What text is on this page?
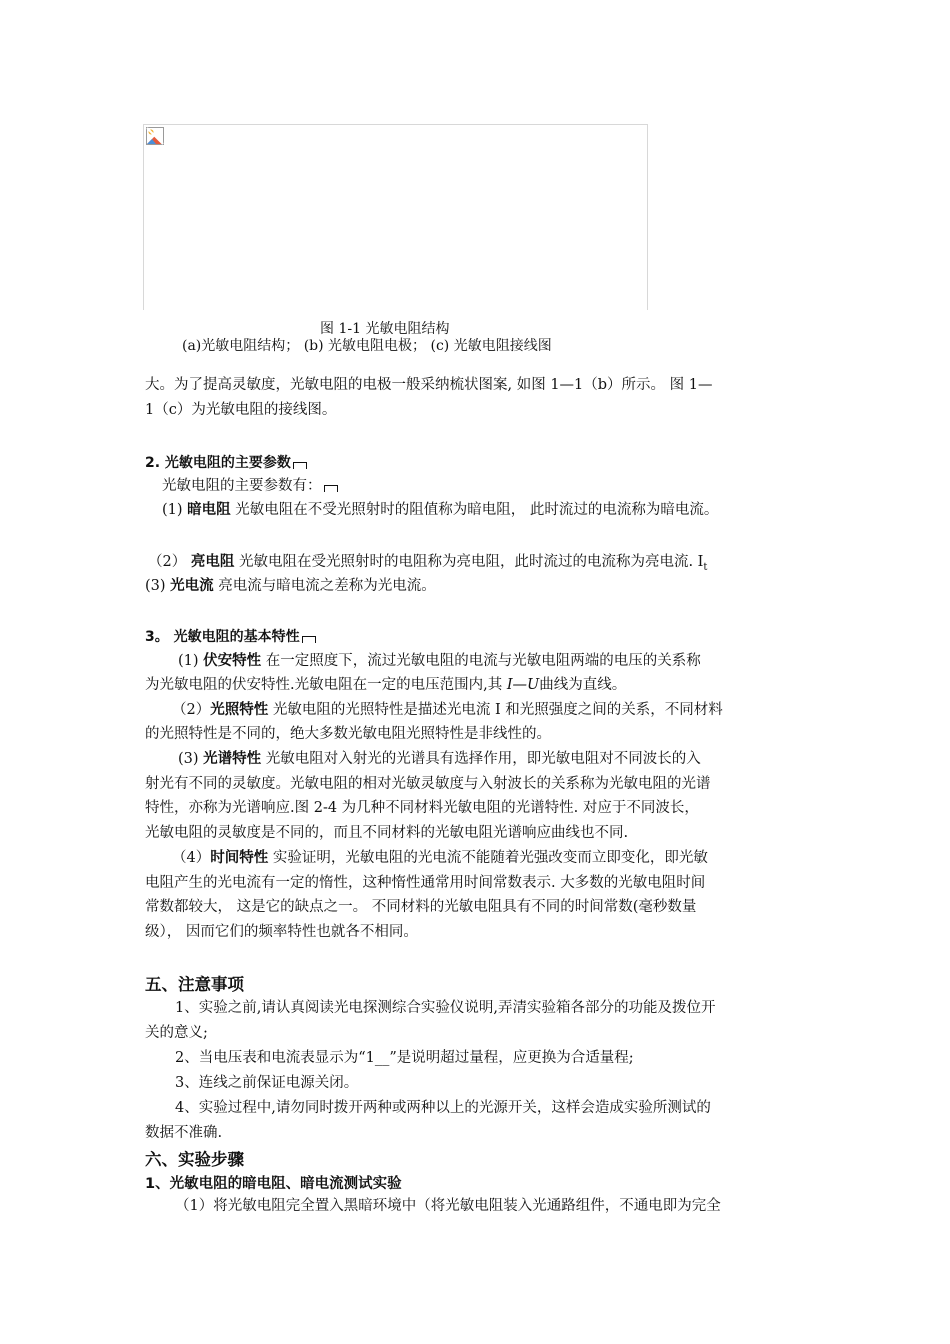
图 1-1 光敏电阻结构
(a)光敏电阻结构； (b) 光敏电阻电极； (c) 光敏电阻接线图
大。为了提高灵敏度，光敏电阻的电极一般采纳梳状图案, 如图 1—1（b）所示。 图 1—
1（c）为光敏电阻的接线图。
2. 光敏电阻的主要参数
光敏电阻的主要参数有：
(1) 暗电阻 光敏电阻在不受光照射时的阻值称为暗电阻， 此时流过的电流称为暗电流。
（2） 亮电阻 光敏电阻在受光照射时的电阻称为亮电阻，此时流过的电流称为亮电流. $I_t$
(3) 光电流 亮电流与暗电流之差称为光电流。
3。 光敏电阻的基本特性
(1) 伏安特性 在一定照度下，流过光敏电阻的电流与光敏电阻两端的电压的关系称
为光敏电阻的伏安特性.光敏电阻在一定的电压范围内,其 I—U曲线为直线。
（2）光照特性 光敏电阻的光照特性是描述光电流 I 和光照强度之间的关系，不同材料
的光照特性是不同的，绝大多数光敏电阻光照特性是非线性的。
(3) 光谱特性 光敏电阻对入射光的光谱具有选择作用，即光敏电阻对不同波长的入
射光有不同的灵敏度。光敏电阻的相对光敏灵敏度与入射波长的关系称为光敏电阻的光谱
特性，亦称为光谱响应.图 2-4 为几种不同材料光敏电阻的光谱特性. 对应于不同波长，
光敏电阻的灵敏度是不同的，而且不同材料的光敏电阻光谱响应曲线也不同.
（4）时间特性 实验证明，光敏电阻的光电流不能随着光强改变而立即变化，即光敏
电阻产生的光电流有一定的惰性，这种惰性通常用时间常数表示. 大多数的光敏电阻时间
常数都较大， 这是它的缺点之一。 不同材料的光敏电阻具有不同的时间常数(毫秒数量
级）， 因而它们的频率特性也就各不相同。
五、注意事项
1、实验之前,请认真阅读光电探测综合实验仪说明,弄清实验箱各部分的功能及拨位开
关的意义;
2、当电压表和电流表显示为“1__”是说明超过量程，应更换为合适量程;
3、连线之前保证电源关闭。
4、实验过程中,请勿同时拨开两种或两种以上的光源开关，这样会造成实验所测试的
数据不准确.
六、实验步骤
1、光敏电阻的暗电阻、暗电流测试实验
（1）将光敏电阻完全置入黑暗环境中（将光敏电阻装入光通路组件，不通电即为完全
